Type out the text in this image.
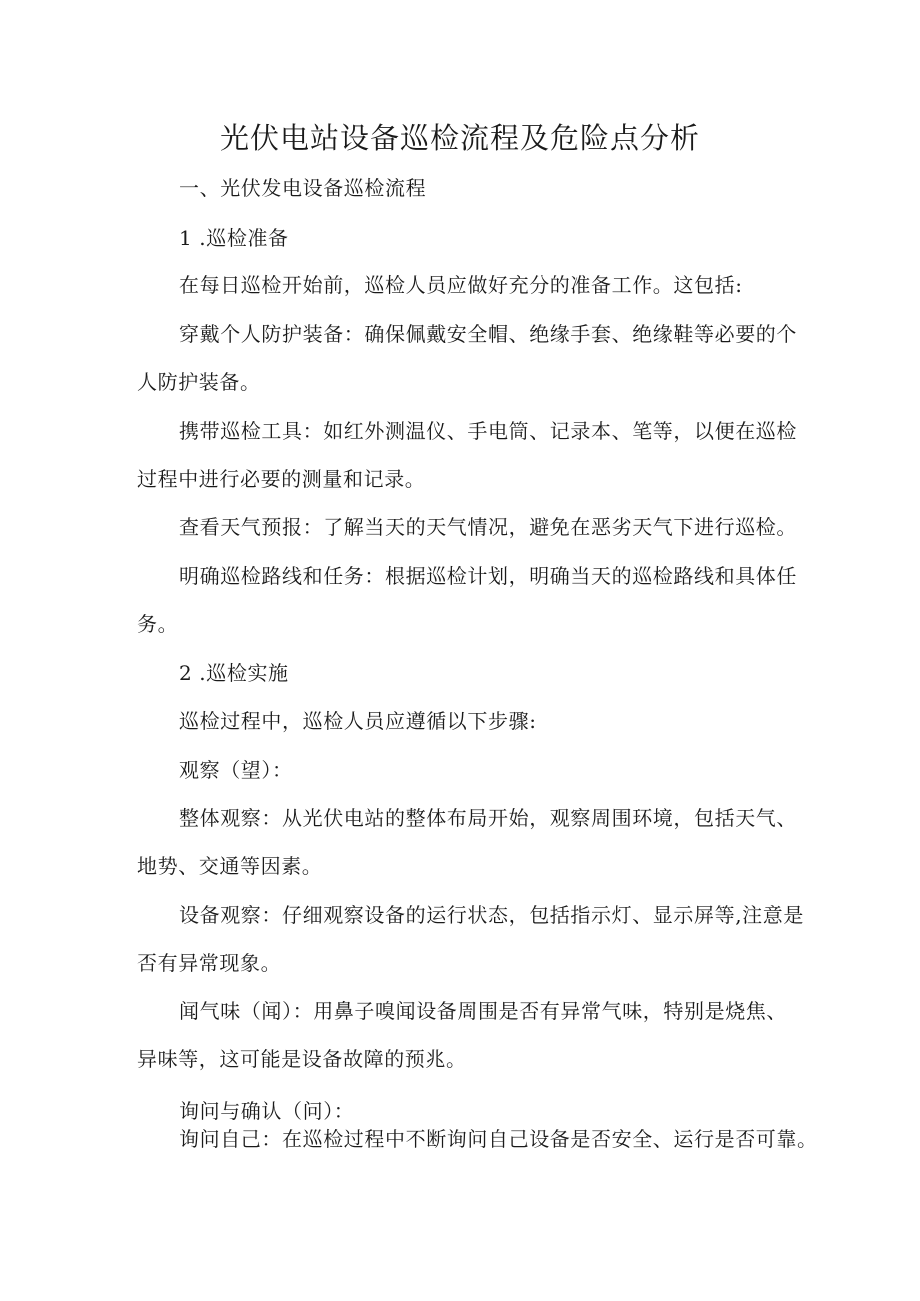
光伏电站设备巡检流程及危险点分析
一、光伏发电设备巡检流程
1 .巡检准备
在每日巡检开始前，巡检人员应做好充分的准备工作。这包括:
穿戴个人防护装备：确保佩戴安全帽、绝缘手套、绝缘鞋等必要的个
人防护装备。
携带巡检工具：如红外测温仪、手电筒、记录本、笔等，以便在巡检
过程中进行必要的测量和记录。
查看天气预报：了解当天的天气情况，避免在恶劣天气下进行巡检。
明确巡检路线和任务：根据巡检计划，明确当天的巡检路线和具体任
务。
2 .巡检实施
巡检过程中，巡检人员应遵循以下步骤:
观察（望）：
整体观察：从光伏电站的整体布局开始，观察周围环境，包括天气、
地势、交通等因素。
设备观察：仔细观察设备的运行状态，包括指示灯、显示屏等,注意是
否有异常现象。
闻气味（闻）：用鼻子嗅闻设备周围是否有异常气味，特别是烧焦、
异味等，这可能是设备故障的预兆。
询问与确认（问）：
询问自己：在巡检过程中不断询问自己设备是否安全、运行是否可靠。
